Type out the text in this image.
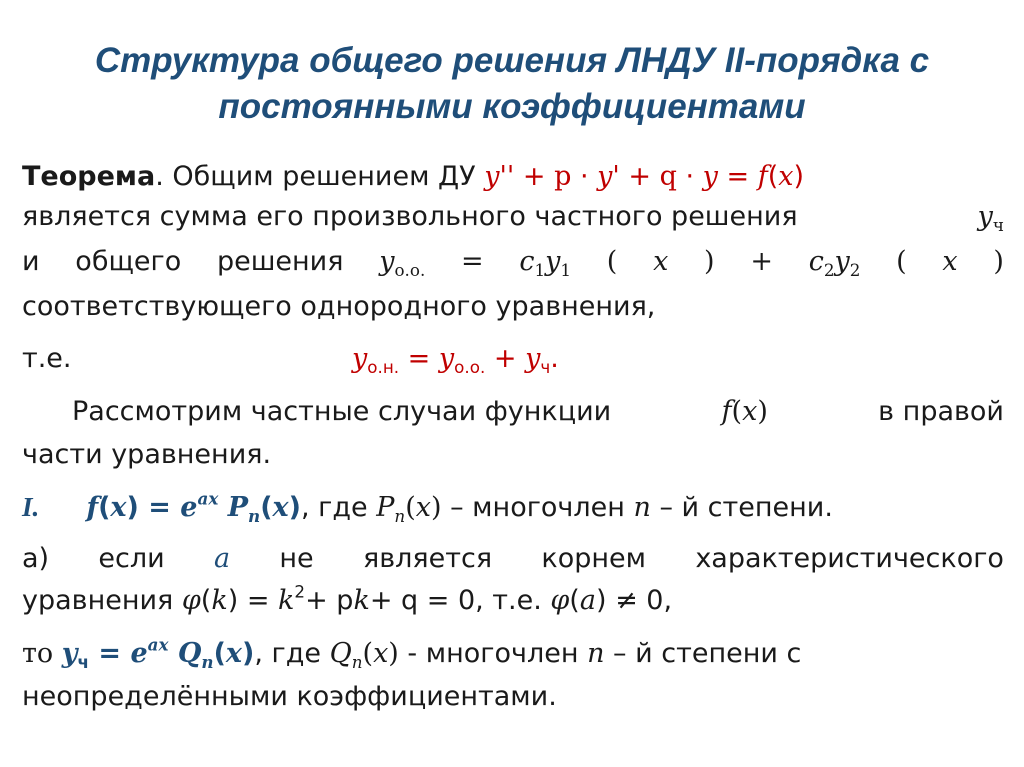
Структура общего решения ЛНДУ II-порядка с
постоянными коэффициентами
Теорема. Общим решением ДУ y'' + p · y' + q · y = f(x)
является сумма его произвольного частного решения	$y_ч$
и общего решения $y_{о.о.} = c_1y_1$ ( x ) + $c_2y_2$ ( x )
соответствующего однородного уравнения,
т.е.	$y_{о.н.} = y_{о.о.} + y_ч$.
Рассмотрим частные случаи функции	f(x)	в правой
части уравнения.
I. $f(x) = e^{ax}$ $P_n(x)$, где $P_n(x)$ – многочлен n – й степени.
а) если a не является корнем характеристического
уравнения $\varphi(k) = k^2+ pk+ q = 0$, т.е. φ(a) ≠ 0,
то $y_ч = e^{ax}$ $Q_n(x)$, где $Q_n(x)$ - многочлен n – й степени с
неопределёнными коэффициентами.
